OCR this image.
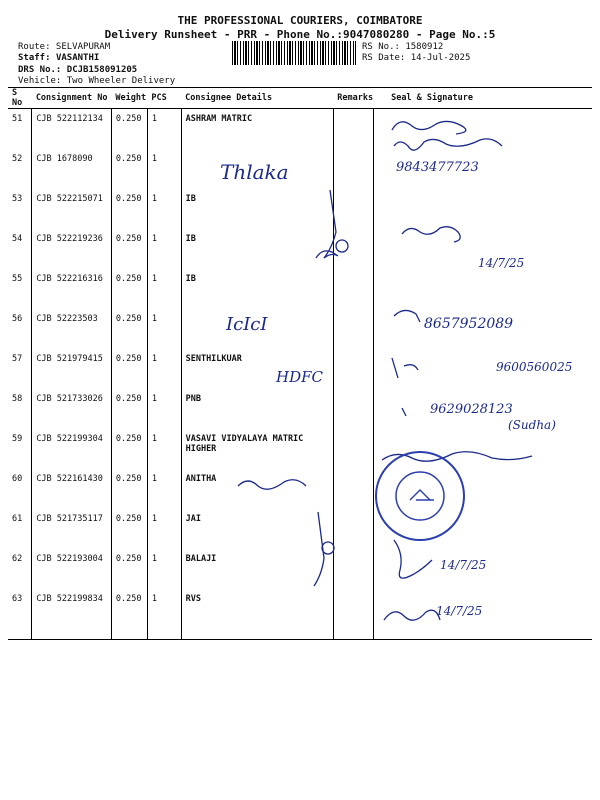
THE PROFESSIONAL COURIERS, COIMBATORE
Delivery Runsheet - PRR - Phone No.:9047080280 - Page No.:5
Route: SELVAPURAM
Staff: VASANTHI
DRS No.: DCJB158091205
Vehicle: Two Wheeler Delivery
RS No.: 1580912
RS Date: 14-Jul-2025
S No	Consignment No	Weight	PCS	Consignee Details	Remarks	Seal & Signature
51	CJB 522112134	0.250	1	ASHRAM MATRIC		
52	CJB 1678090	0.250	1			
53	CJB 522215071	0.250	1	IB		
54	CJB 522219236	0.250	1	IB		
55	CJB 522216316	0.250	1	IB		
56	CJB 52223503	0.250	1			
57	CJB 521979415	0.250	1	SENTHILKUAR		
58	CJB 521733026	0.250	1	PNB		
59	CJB 522199304	0.250	1	VASAVI VIDYALAYA MATRIC HIGHER		
60	CJB 522161430	0.250	1	ANITHA		
61	CJB 521735117	0.250	1	JAI		
62	CJB 522193004	0.250	1	BALAJI		
63	CJB 522199834	0.250	1	RVS		
Thlaka	9843477723
14/7/25
IcIcI	8657952089
HDFC
9600560025
9629028123
(Sudha)
14/7/25
14/7/25
